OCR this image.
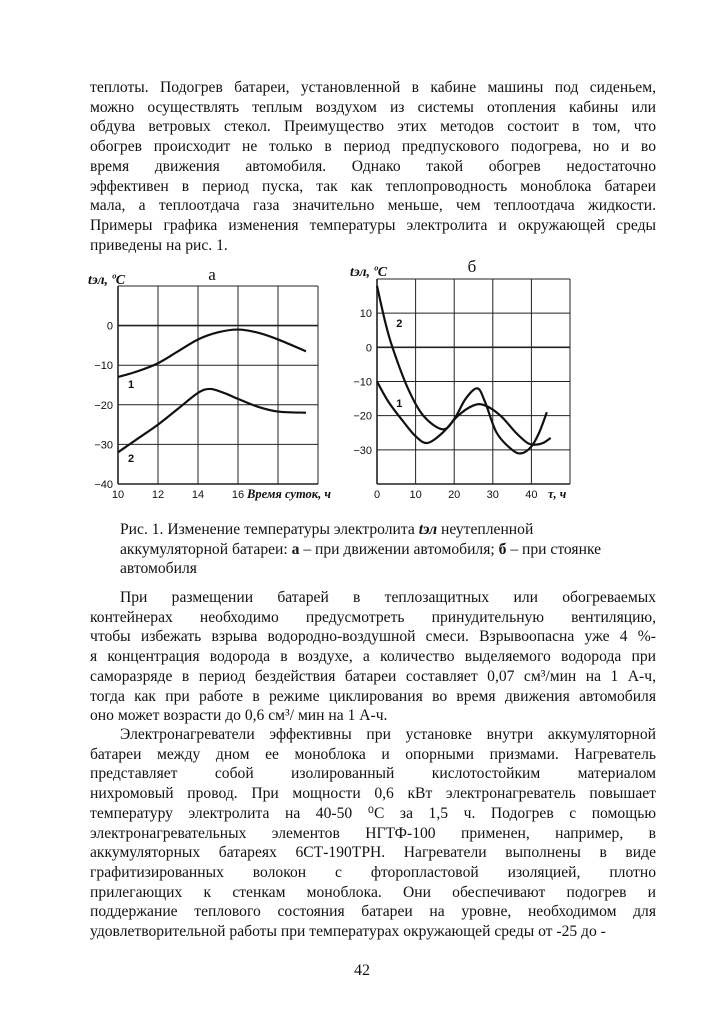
теплоты. Подогрев батареи, установленной в кабине машины под сиденьем,
можно осуществлять теплым воздухом из системы отопления кабины или
обдува ветровых стекол. Преимущество этих методов состоит в том, что
обогрев происходит не только в период предпускового подогрева, но и во
время движения автомобиля. Однако такой обогрев недостаточно
эффективен в период пуска, так как теплопроводность моноблока батареи
мала, а теплоотдача газа значительно меньше, чем теплоотдача жидкости.
Примеры графика изменения температуры электролита и окружающей среды
приведены на рис. 1.
0
−10
−20
−30
−40
10	12	14	16
а
tэл, ºС
Время суток, ч
1
2
10
0
−10
−20
−30
0	10 20 30 40
б
tэл, ºС
τ, ч
1
2
Рис. 1. Изменение температуры электролита tэл неутепленной
аккумуляторной батареи: а – при движении автомобиля; б – при стоянке
автомобиля
При размещении батарей в теплозащитных или обогреваемых
контейнерах необходимо предусмотреть принудительную вентиляцию,
чтобы избежать взрыва водородно-воздушной смеси. Взрывоопасна уже 4 %-
я концентрация водорода в воздухе, а количество выделяемого водорода при
саморазряде в период бездействия батареи составляет 0,07 см³/мин на 1 А-ч,
тогда как при работе в режиме циклирования во время движения автомобиля
оно может возрасти до 0,6 см³/ мин на 1 А-ч.
Электронагреватели эффективны при установке внутри аккумуляторной
батареи между дном ее моноблока и опорными призмами. Нагреватель
представляет собой изолированный кислотостойким материалом
нихромовый провод. При мощности 0,6 кВт электронагреватель повышает
температуру электролита на 40-50 ⁰С за 1,5 ч. Подогрев с помощью
электронагревательных элементов НГТФ-100 применен, например, в
аккумуляторных батареях 6СТ-190ТРН. Нагреватели выполнены в виде
графитизированных волокон с фторопластовой изоляцией, плотно
прилегающих к стенкам моноблока. Они обеспечивают подогрев и
поддержание теплового состояния батареи на уровне, необходимом для
удовлетворительной работы при температурах окружающей среды от -25 до -
42
